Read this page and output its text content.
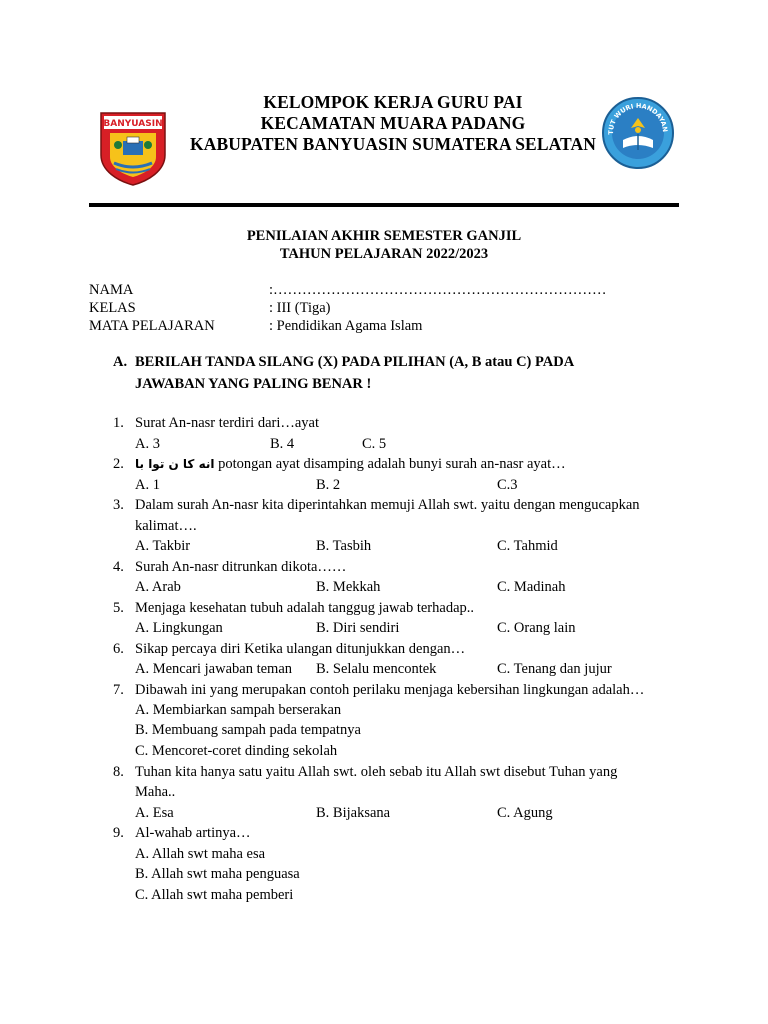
BANYUASIN
TUT WURI HANDAYAN
KELOMPOK KERJA GURU PAI
KECAMATAN MUARA PADANG
KABUPATEN BANYUASIN SUMATERA SELATAN
PENILAIAN AKHIR SEMESTER GANJIL
TAHUN PELAJARAN 2022/2023
NAMA	:……………………………………………………………
KELAS	: III (Tiga)
MATA PELAJARAN	: Pendidikan Agama Islam
A. BERILAH TANDA SILANG (X) PADA PILIHAN (A, B atau C) PADA
JAWABAN YANG PALING BENAR !
1. Surat An-nasr terdiri dari…ayat
A. 3	B. 4	C. 5
2. انه كا ن توا با potongan ayat disamping adalah bunyi surah an-nasr ayat…
A. 1	B. 2	C.3
3. Dalam surah An-nasr kita diperintahkan memuji Allah swt. yaitu dengan mengucapkan
kalimat….
A. Takbir	B. Tasbih	C. Tahmid
4. Surah An-nasr ditrunkan dikota……
A. Arab	B. Mekkah	C. Madinah
5. Menjaga kesehatan tubuh adalah tanggug jawab terhadap..
A. Lingkungan	B. Diri sendiri	C. Orang lain
6. Sikap percaya diri Ketika ulangan ditunjukkan dengan…
A. Mencari jawaban teman B. Selalu mencontek	C. Tenang dan jujur
7. Dibawah ini yang merupakan contoh perilaku menjaga kebersihan lingkungan adalah…
A. Membiarkan sampah berserakan
B. Membuang sampah pada tempatnya
C. Mencoret-coret dinding sekolah
8. Tuhan kita hanya satu yaitu Allah swt. oleh sebab itu Allah swt disebut Tuhan yang
Maha..
A. Esa	B. Bijaksana	C. Agung
9. Al-wahab artinya…
A. Allah swt maha esa
B. Allah swt maha penguasa
C. Allah swt maha pemberi
